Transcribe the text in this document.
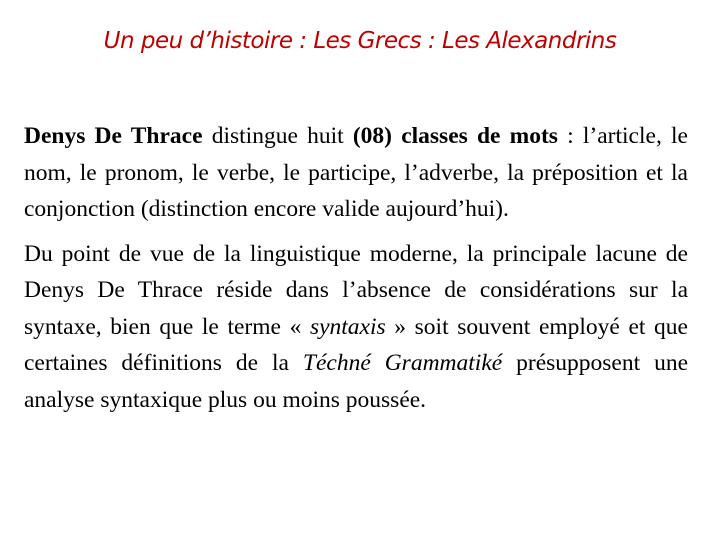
Un peu d’histoire : Les Grecs : Les Alexandrins

Denys De Thrace distingue huit (08) classes de mots : l’article, le nom, le pronom, le verbe, le participe, l’adverbe, la préposition et la conjonction (distinction encore valide aujourd’hui).

Du point de vue de la linguistique moderne, la principale lacune de Denys De Thrace réside dans l’absence de considérations sur la syntaxe, bien que le terme « syntaxis » soit souvent employé et que certaines définitions de la Téchné Grammatiké présupposent une analyse syntaxique plus ou moins poussée.
